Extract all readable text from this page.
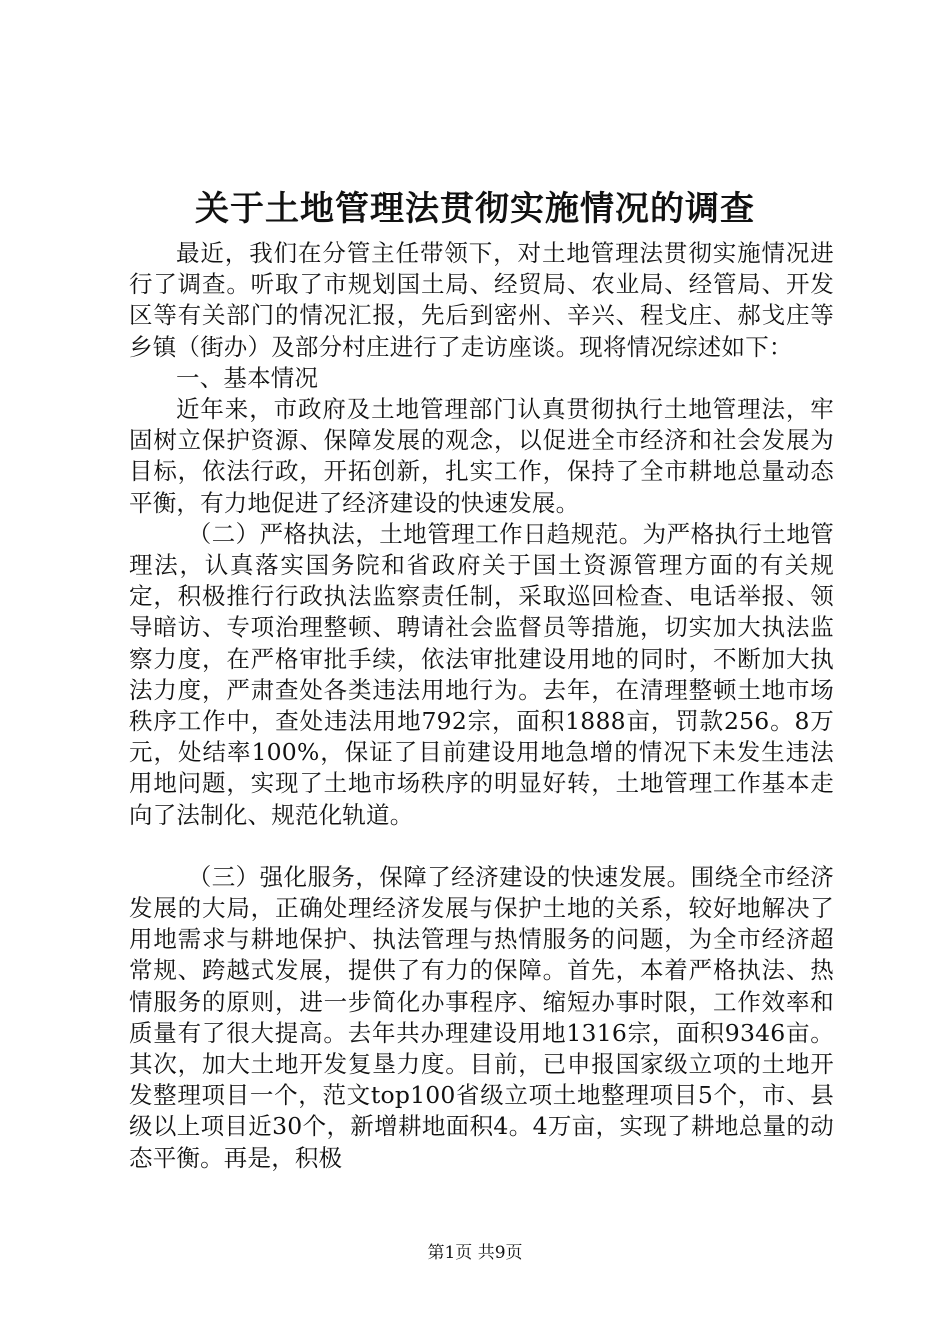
关于土地管理法贯彻实施情况的调查

最近，我们在分管主任带领下，对土地管理法贯彻实施情况进行了调查。听取了市规划国土局、经贸局、农业局、经管局、开发区等有关部门的情况汇报，先后到密州、辛兴、程戈庄、郝戈庄等乡镇（街办）及部分村庄进行了走访座谈。现将情况综述如下：

一、基本情况

近年来，市政府及土地管理部门认真贯彻执行土地管理法，牢固树立保护资源、保障发展的观念，以促进全市经济和社会发展为目标，依法行政，开拓创新，扎实工作，保持了全市耕地总量动态平衡，有力地促进了经济建设的快速发展。

（二）严格执法，土地管理工作日趋规范。为严格执行土地管理法，认真落实国务院和省政府关于国土资源管理方面的有关规定，积极推行行政执法监察责任制，采取巡回检查、电话举报、领导暗访、专项治理整顿、聘请社会监督员等措施，切实加大执法监察力度，在严格审批手续，依法审批建设用地的同时，不断加大执法力度，严肃查处各类违法用地行为。去年，在清理整顿土地市场秩序工作中，查处违法用地792宗，面积1888亩，罚款256。8万元，处结率100%，保证了目前建设用地急增的情况下未发生违法用地问题，实现了土地市场秩序的明显好转，土地管理工作基本走向了法制化、规范化轨道。

（三）强化服务，保障了经济建设的快速发展。围绕全市经济发展的大局，正确处理经济发展与保护土地的关系，较好地解决了用地需求与耕地保护、执法管理与热情服务的问题，为全市经济超常规、跨越式发展，提供了有力的保障。首先，本着严格执法、热情服务的原则，进一步简化办事程序、缩短办事时限，工作效率和质量有了很大提高。去年共办理建设用地1316宗，面积9346亩。其次，加大土地开发复垦力度。目前，已申报国家级立项的土地开发整理项目一个，范文top100省级立项土地整理项目5个，市、县级以上项目近30个，新增耕地面积4。4万亩，实现了耕地总量的动态平衡。再是，积极

第1页 共9页
